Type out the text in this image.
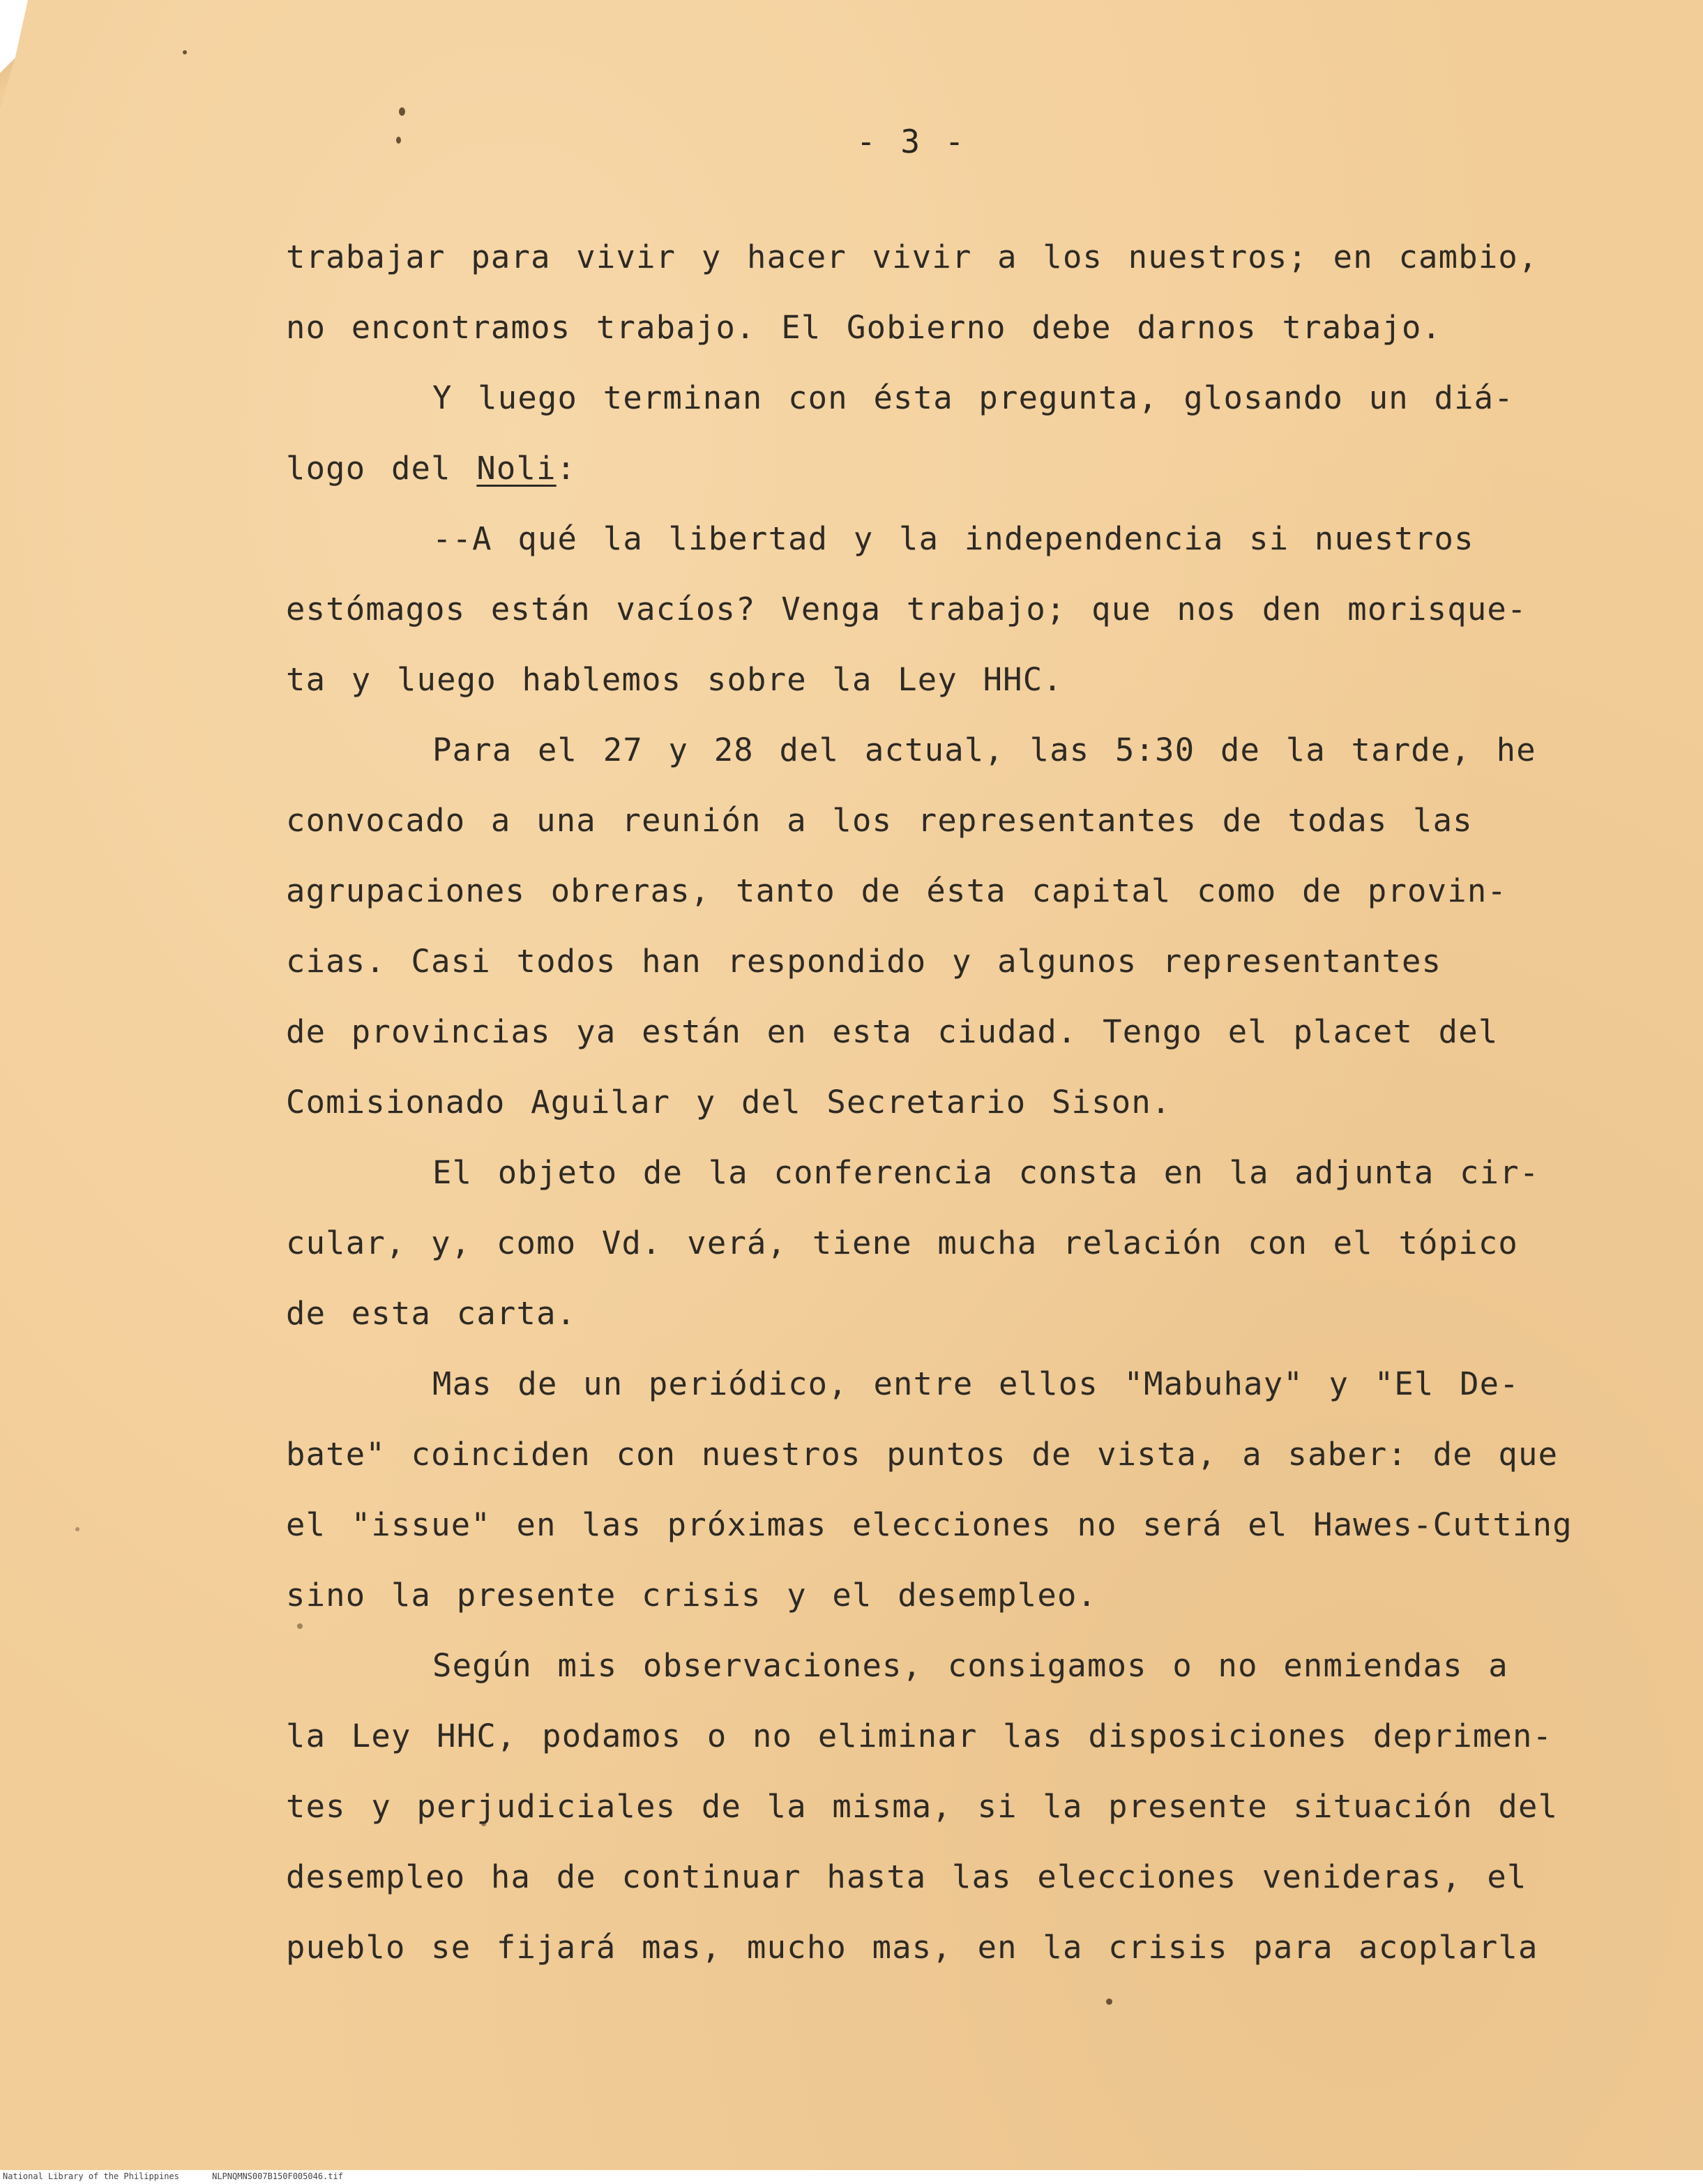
- 3 -
trabajar para vivir y hacer vivir a los nuestros; en cambio,
no encontramos trabajo. El Gobierno debe darnos trabajo.
Y luego terminan con ésta pregunta, glosando un diá-
logo del Noli:
--A qué la libertad y la independencia si nuestros
estómagos están vacíos? Venga trabajo; que nos den morisque-
ta y luego hablemos sobre la Ley HHC.
Para el 27 y 28 del actual, las 5:30 de la tarde, he
convocado a una reunión a los representantes de todas las
agrupaciones obreras, tanto de ésta capital como de provin-
cias. Casi todos han respondido y algunos representantes
de provincias ya están en esta ciudad. Tengo el placet del
Comisionado Aguilar y del Secretario Sison.
El objeto de la conferencia consta en la adjunta cir-
cular, y, como Vd. verá, tiene mucha relación con el tópico
de esta carta.
Mas de un periódico, entre ellos "Mabuhay" y "El De-
bate" coinciden con nuestros puntos de vista, a saber: de que
el "issue" en las próximas elecciones no será el Hawes-Cutting
sino la presente crisis y el desempleo.
Según mis observaciones, consigamos o no enmiendas a
la Ley HHC, podamos o no eliminar las disposiciones deprimen-
tes y perjudiciales de la misma, si la presente situación del
desempleo ha de continuar hasta las elecciones venideras, el
pueblo se fijará mas, mucho mas, en la crisis para acoplarla
National Library of the Philippines	NLPNQMNS007B150F005046.tif
